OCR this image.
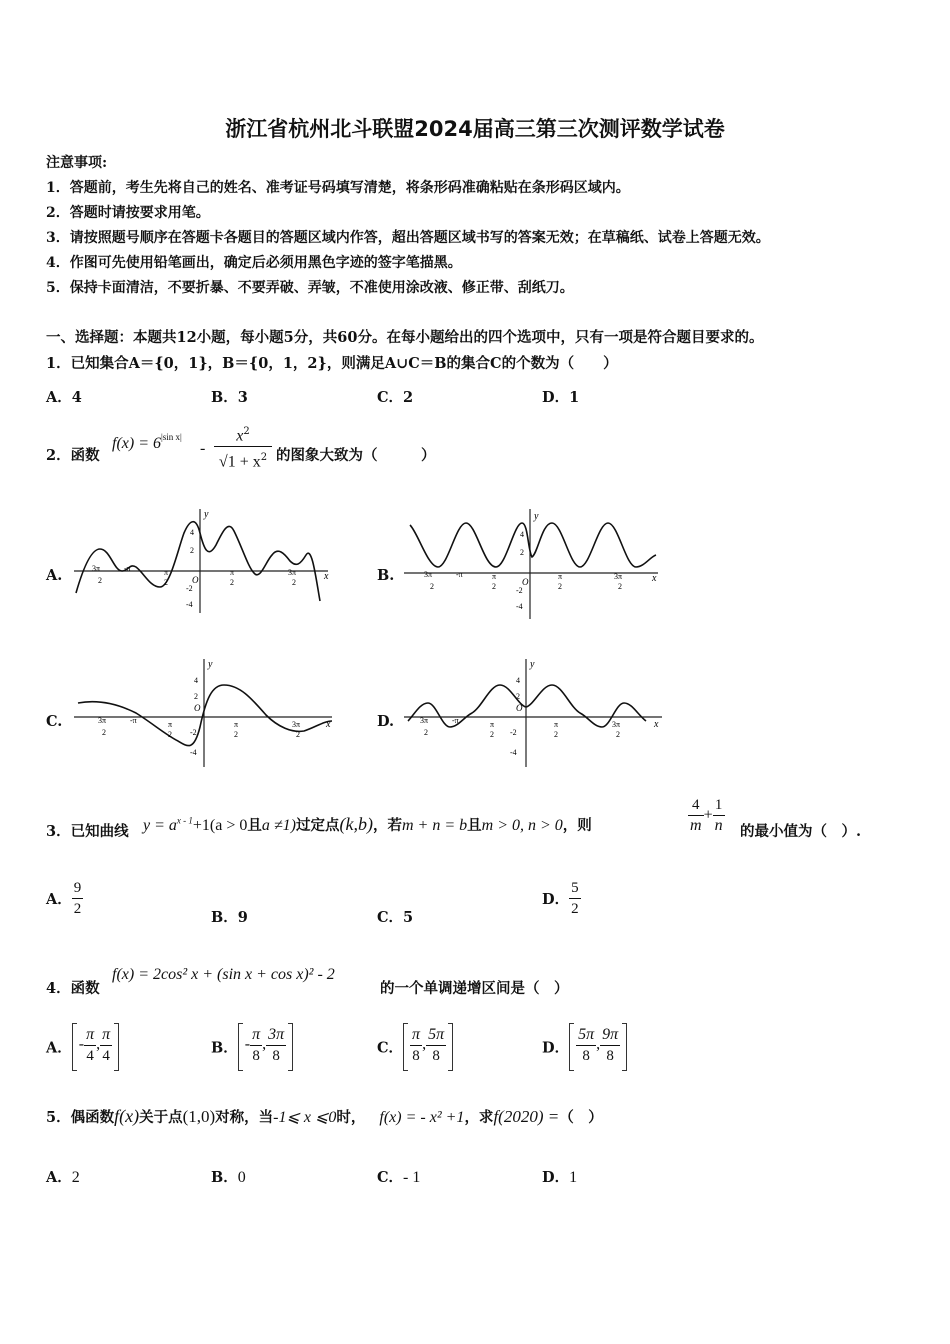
浙江省杭州北斗联盟2024届高三第三次测评数学试卷
注意事项:
1．答题前，考生先将自己的姓名、准考证号码填写清楚，将条形码准确粘贴在条形码区域内。
2．答题时请按要求用笔。
3．请按照题号顺序在答题卡各题目的答题区域内作答，超出答题区域书写的答案无效；在草稿纸、试卷上答题无效。
4．作图可先使用铅笔画出，确定后必须用黑色字迹的签字笔描黑。
5．保持卡面清洁，不要折暴、不要弄破、弄皱，不准使用涂改液、修正带、刮纸刀。
一、选择题：本题共12小题，每小题5分，共60分。在每小题给出的四个选项中，只有一项是符合题目要求的。
1．已知集合A＝{0，1}，B＝{0，1，2}，则满足A∪C＝B的集合C的个数为（　　）
A．4	B．3	C．2	D．1
2．函数
$f(x) = 6^{|sin x|}$
-
$x^2$
$√1 + x^2$ 的图象大致为（　　　）
A.	B.
C.	D.
y
x
O
4
2
-2
-4
3π
2
-π	π
2
π
2
3π
2
y
x
O
4
2
-2
-4
3π
2
-π	π
2
π
2
3π
2
y
x
O
4
2
-2
-4
3π
2
-π	π
2
π
2
3π
2
y
x
O
4
2
-2
-4
3π
2
-π	π
2
π
2
3π
2
3．已知曲线 $y = a^{x - 1}+1(a > 0$且a ≠1)过定点(k,b)，若m + n = b且m > 0, n > 0，则	$\frac{4}{m} + \frac{1}{n}$ 的最小值为（　）.
A． $\frac{9}{2}$	B．9	C．5
D． $\frac{5}{2}$
4．函数
f(x) = 2cos² x + (sin x + cos x)² - 2
的一个单调递增区间是（　）
A． - $\frac{\pi}{4}$ , $\frac{\pi}{4}$	B． - $\frac{\pi}{8}$ , $\frac{3\pi}{8}$	C． $\frac{\pi}{8}$ , $\frac{5\pi}{8}$	D． $\frac{5\pi}{8}$ , $\frac{9\pi}{8}$
5．偶函数f(x)关于点(1,0)对称，当-1⩽ x ⩽0时， f(x) = - x² +1，求f(2020) =（　）
A．2	B．0	C．- 1	D．1
